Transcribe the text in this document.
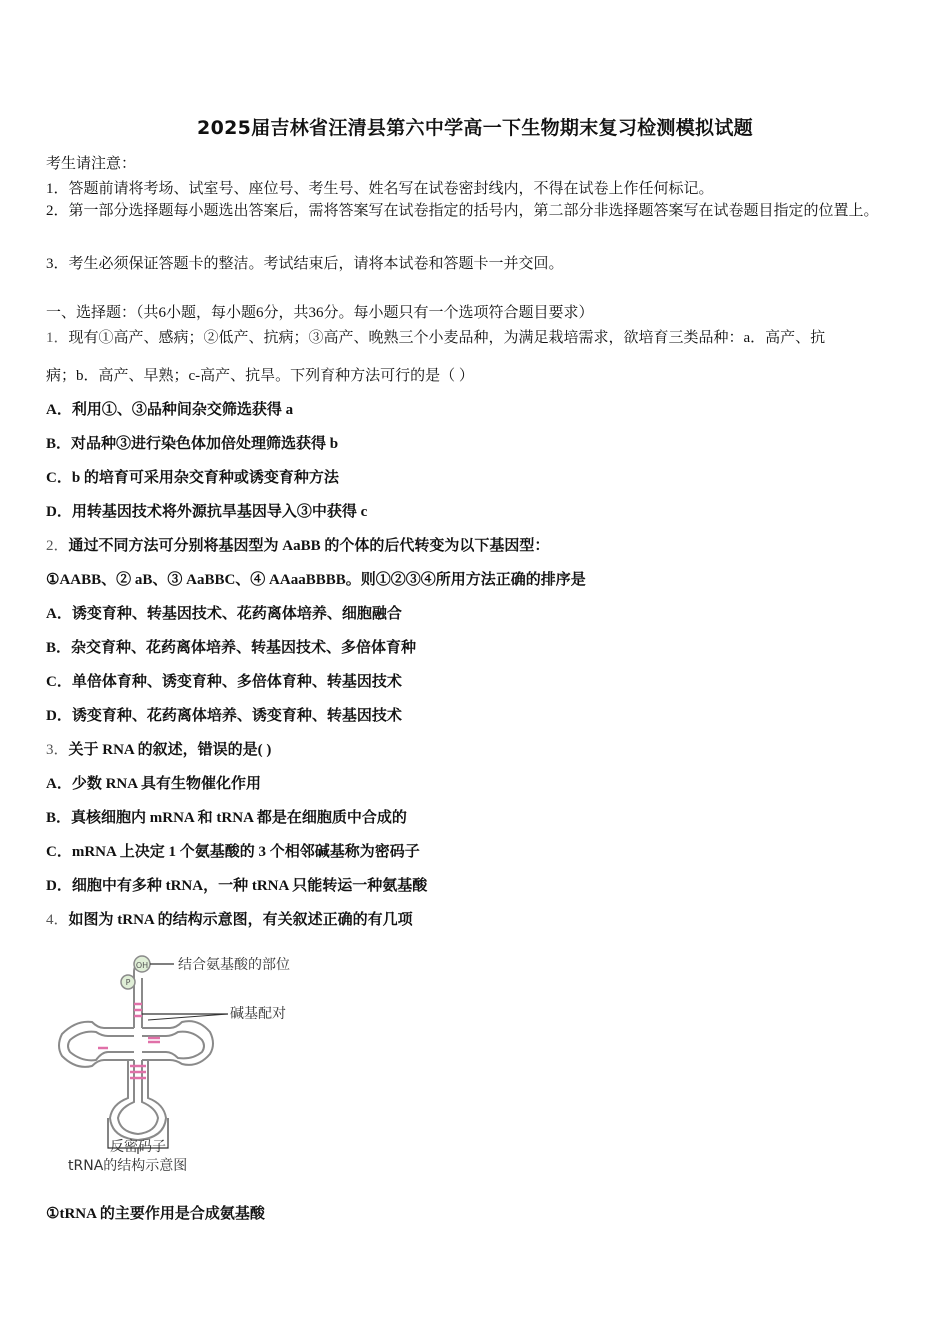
2025届吉林省汪清县第六中学高一下生物期末复习检测模拟试题
考生请注意：
1．答题前请将考场、试室号、座位号、考生号、姓名写在试卷密封线内，不得在试卷上作任何标记。
2．第一部分选择题每小题选出答案后，需将答案写在试卷指定的括号内，第二部分非选择题答案写在试卷题目指定的位置上。
3．考生必须保证答题卡的整洁。考试结束后，请将本试卷和答题卡一并交回。
一、选择题：（共6小题，每小题6分，共36分。每小题只有一个选项符合题目要求）
1．现有①高产、感病；②低产、抗病；③高产、晚熟三个小麦品种，为满足栽培需求，欲培育三类品种：a．高产、抗
病；b．高产、早熟；c-高产、抗旱。下列育种方法可行的是（ ）
A．利用①、③品种间杂交筛选获得 a
B．对品种③进行染色体加倍处理筛选获得 b
C．b 的培育可采用杂交育种或诱变育种方法
D．用转基因技术将外源抗旱基因导入③中获得 c
2．通过不同方法可分别将基因型为 AaBB 的个体的后代转变为以下基因型：
①AABB、② aB、③ AaBBC、④ AAaaBBBB。则①②③④所用方法正确的排序是
A．诱变育种、转基因技术、花药离体培养、细胞融合
B．杂交育种、花药离体培养、转基因技术、多倍体育种
C．单倍体育种、诱变育种、多倍体育种、转基因技术
D．诱变育种、花药离体培养、诱变育种、转基因技术
3．关于 RNA 的叙述，错误的是( )
A．少数 RNA 具有生物催化作用
B．真核细胞内 mRNA 和 tRNA 都是在细胞质中合成的
C．mRNA 上决定 1 个氨基酸的 3 个相邻碱基称为密码子
D．细胞中有多种 tRNA，一种 tRNA 只能转运一种氨基酸
4．如图为 tRNA 的结构示意图，有关叙述正确的有几项
OH
P
结合氨基酸的部位
碱基配对
反密码子
tRNA的结构示意图
①tRNA 的主要作用是合成氨基酸
